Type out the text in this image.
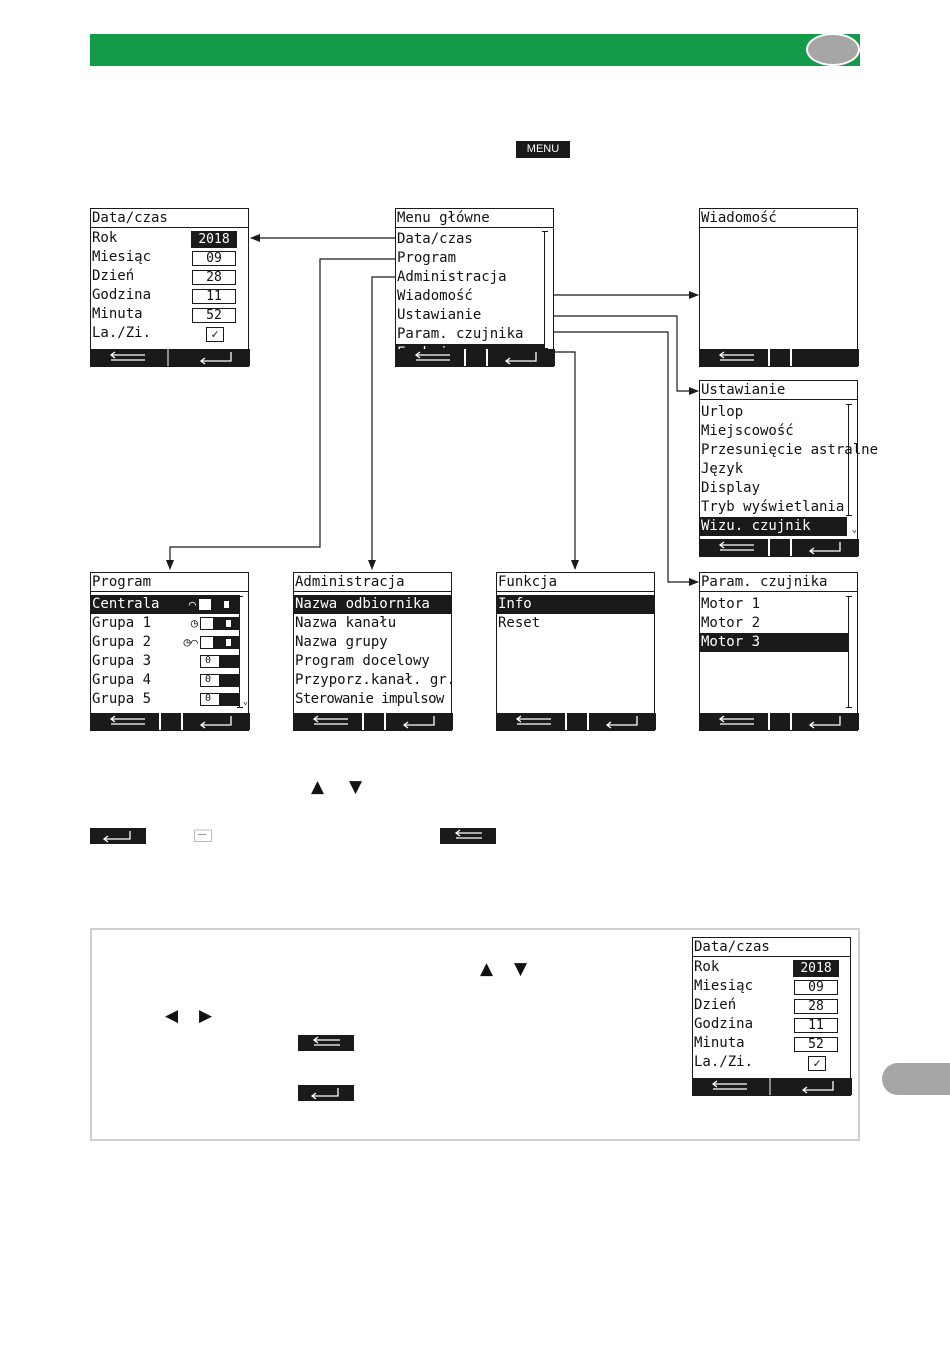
MENU
Data/czas
Rok	2018
Miesiąc	09
Dzień	28
Godzina	11
Minuta	52
La./Zi.	✓
Menu główne
Data/czas
Program
Administracja
Wiadomość
Ustawianie
Param. czujnika
Wiadomość
Ustawianie
Urlop
Miejscowość
Przesunięcie astralne
Język
Display
Tryb wyświetlania
Wizu. czujnik	⌄
Program
Centrala ⌒
Grupa 1	◷
Grupa 2	◷⌒
Grupa 3	0
Grupa 4	0
Grupa 5	0	⌄
Administracja
Nazwa odbiornika
Nazwa kanału
Nazwa grupy
Program docelowy
Przyporz.kanał. gr.
Sterowanie impulsow
Funkcja
Info
Reset
Param. czujnika
Motor 1
Motor 2
Motor 3
▲ ▼
▲ ▼
◀ ▶
Data/czas
Rok	2018
Miesiąc	09
Dzień	28
Godzina	11
Minuta	52
La./Zi.	✓
